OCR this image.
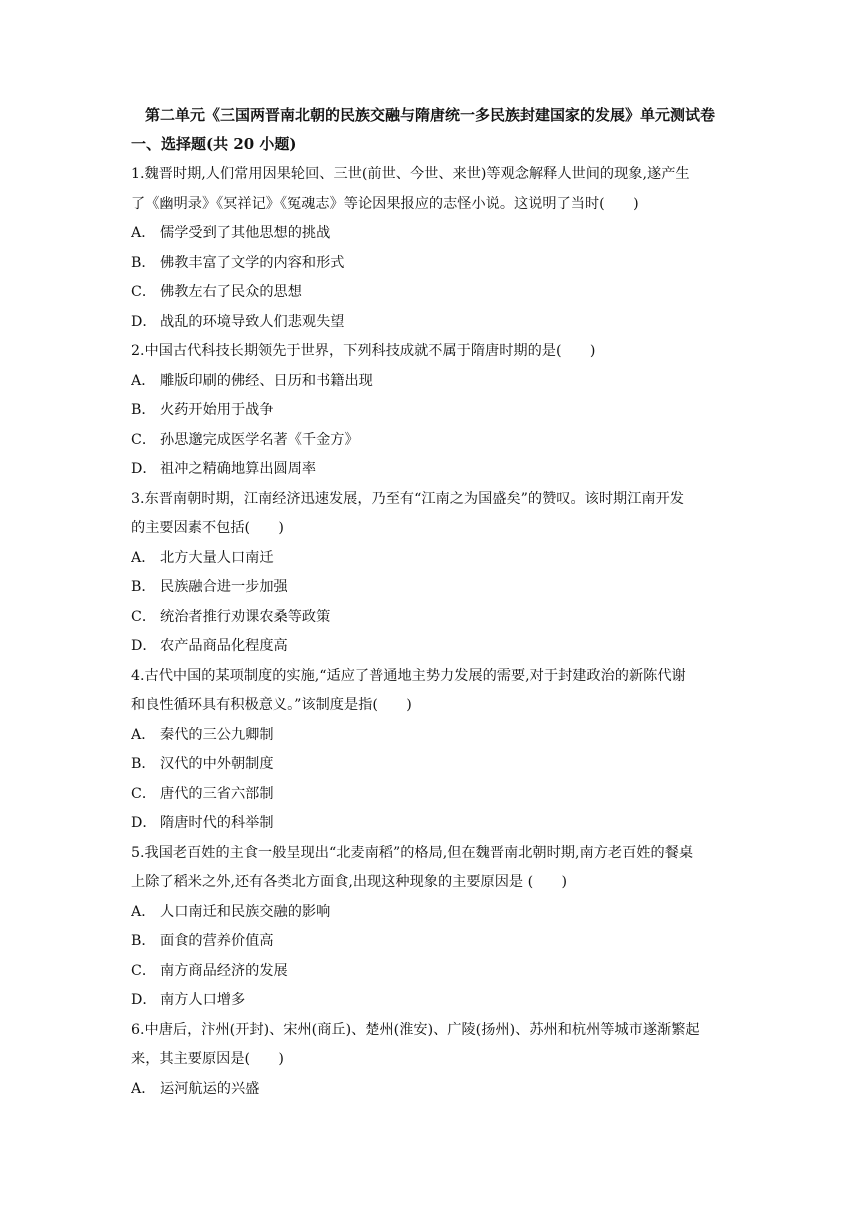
第二单元《三国两晋南北朝的民族交融与隋唐统一多民族封建国家的发展》单元测试卷
一、选择题(共 20 小题)
1.魏晋时期,人们常用因果轮回、三世(前世、今世、来世)等观念解释人世间的现象,遂产生
了《幽明录》《冥祥记》《冤魂志》等论因果报应的志怪小说。这说明了当时(　　)
A． 儒学受到了其他思想的挑战
B． 佛教丰富了文学的内容和形式
C． 佛教左右了民众的思想
D． 战乱的环境导致人们悲观失望
2.中国古代科技长期领先于世界，下列科技成就不属于隋唐时期的是(　　)
A． 雕版印刷的佛经、日历和书籍出现
B． 火药开始用于战争
C． 孙思邈完成医学名著《千金方》
D． 祖冲之精确地算出圆周率
3.东晋南朝时期，江南经济迅速发展，乃至有“江南之为国盛矣”的赞叹。该时期江南开发
的主要因素不包括(　　)
A． 北方大量人口南迁
B． 民族融合进一步加强
C． 统治者推行劝课农桑等政策
D． 农产品商品化程度高
4.古代中国的某项制度的实施,“适应了普通地主势力发展的需要,对于封建政治的新陈代谢
和良性循环具有积极意义。”该制度是指(　　)
A． 秦代的三公九卿制
B． 汉代的中外朝制度
C． 唐代的三省六部制
D． 隋唐时代的科举制
5.我国老百姓的主食一般呈现出“北麦南稻”的格局,但在魏晋南北朝时期,南方老百姓的餐桌
上除了稻米之外,还有各类北方面食,出现这种现象的主要原因是 (　　)
A． 人口南迁和民族交融的影响
B． 面食的营养价值高
C． 南方商品经济的发展
D． 南方人口增多
6.中唐后，汴州(开封)、宋州(商丘)、楚州(淮安)、广陵(扬州)、苏州和杭州等城市遂渐繁起
来，其主要原因是(　　)
A． 运河航运的兴盛
